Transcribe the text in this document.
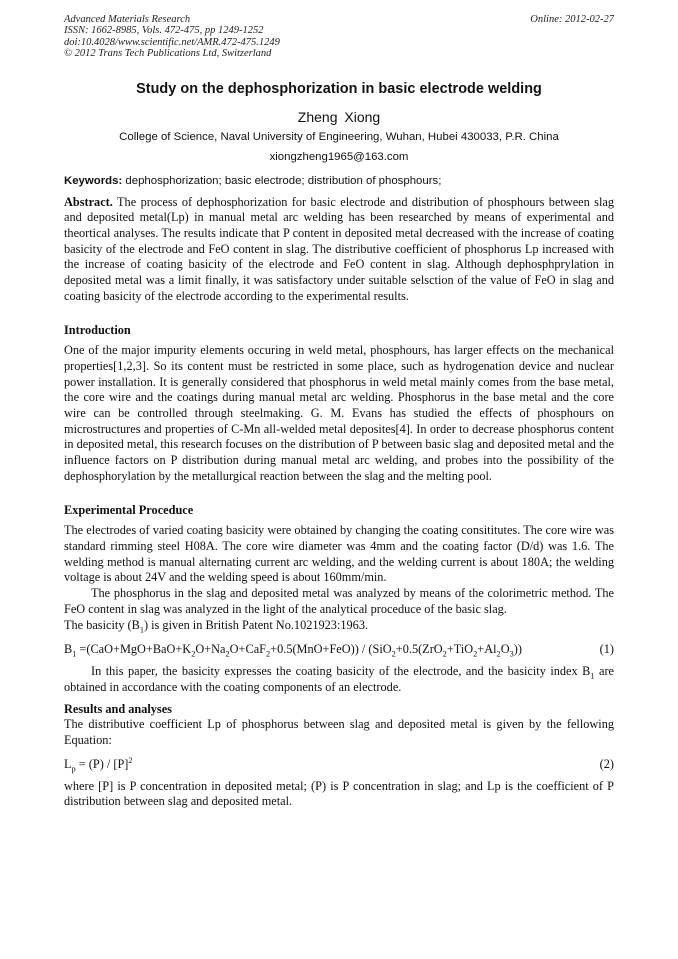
Advanced Materials Research
ISSN: 1662-8985, Vols. 472-475, pp 1249-1252
doi:10.4028/www.scientific.net/AMR.472-475.1249
© 2012 Trans Tech Publications Ltd, Switzerland
Online: 2012-02-27
Study on the dephosphorization in basic electrode welding
Zheng Xiong
College of Science, Naval University of Engineering, Wuhan, Hubei 430033, P.R. China
xiongzheng1965@163.com
Keywords: dephosphorization; basic electrode; distribution of phosphours;

Abstract. The process of dephosphorization for basic electrode and distribution of phosphours between slag and deposited metal(Lp) in manual metal arc welding has been researched by means of experimental and theortical analyses. The results indicate that P content in deposited metal decreased with the increase of coating basicity of the electrode and FeO content in slag. The distributive coefficient of phosphorus Lp increased with the increase of coating basicity of the electrode and FeO content in slag. Although dephosphprylation in deposited metal was a limit finally, it was satisfactory under suitable selsction of the value of FeO in slag and coating basicity of the electrode according to the experimental results.

Introduction

One of the major impurity elements occuring in weld metal, phosphours, has larger effects on the mechanical properties[1,2,3]. So its content must be restricted in some place, such as hydrogenation device and nuclear power installation. It is generally considered that phosphorus in weld metal mainly comes from the base metal, the core wire and the coatings during manual metal arc welding. Phosphorus in the base metal and the core wire can be controlled through steelmaking. G. M. Evans has studied the effects of phosphours on microstructures and properties of C-Mn all-welded metal deposites[4]. In order to decrease phosphorus content in deposited metal, this research focuses on the distribution of P between basic slag and deposited metal and the influence factors on P distribution during manual metal arc welding, and probes into the possibility of the dephosphorylation by the metallurgical reaction between the slag and the melting pool.

Experimental Proceduce

The electrodes of varied coating basicity were obtained by changing the coating consititutes. The core wire was standard rimming steel H08A. The core wire diameter was 4mm and the coating factor (D/d) was 1.6. The welding method is manual alternating current arc welding, and the welding current is about 180A; the welding voltage is about 24V and the welding speed is about 160mm/min.

The phosphorus in the slag and deposited metal was analyzed by means of the colorimetric method. The FeO content in slag was analyzed in the light of the analytical proceduce of the basic slag.

The basicity $(B_1)$ is given in British Patent No.1021923:1963.

$B_1 =(CaO+MgO+BaO+K_2O+Na_2O+CaF_2+0.5(MnO+FeO)) / (SiO_2+0.5(ZrO_2+TiO_2+Al_2O_3))$	(1)

In this paper, the basicity expresses the coating basicity of the electrode, and the basicity index $B_1$ are obtained in accordance with the coating components of an electrode.

Results and analyses

The distributive coefficient Lp of phosphorus between slag and deposited metal is given by the fellowing Equation:

$L_p = (P) / [P]^2$	(2)

where [P] is P concentration in deposited metal; (P) is P concentration in slag; and Lp is the coefficient of P distribution between slag and deposited metal.
